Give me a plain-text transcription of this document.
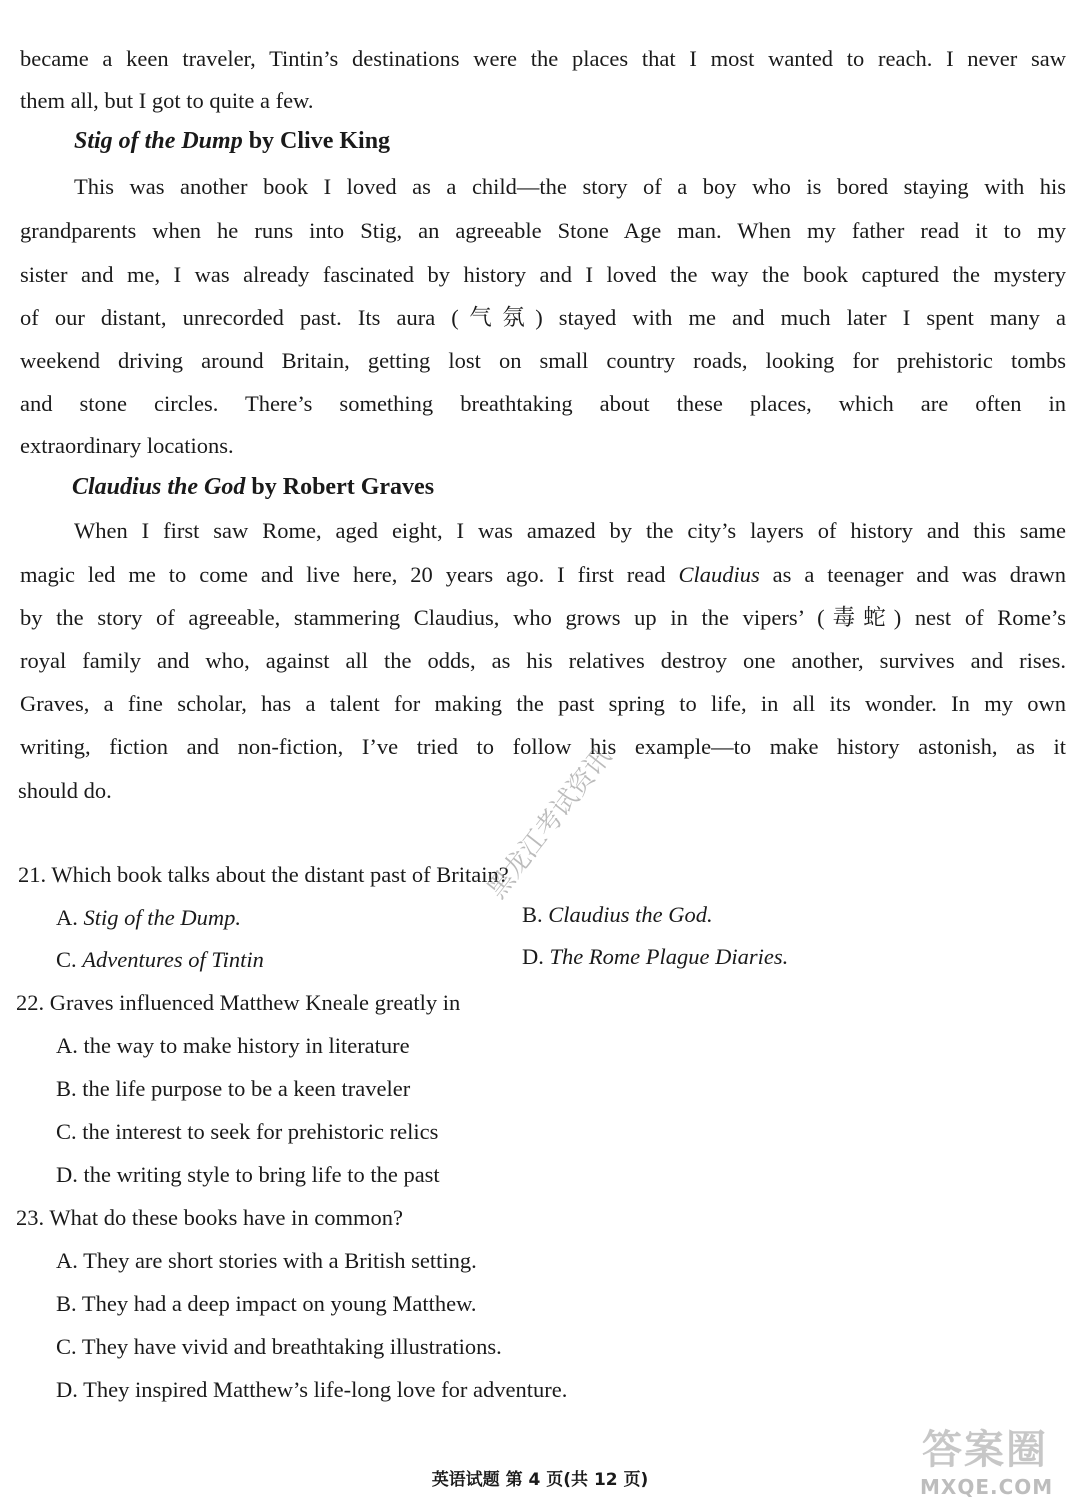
became a keen traveler, Tintin’s destinations were the places that I most wanted to reach. I never saw
them all, but I got to quite a few.
Stig of the Dump by Clive King
This was another book I loved as a child—the story of a boy who is bored staying with his
grandparents when he runs into Stig, an agreeable Stone Age man. When my father read it to my
sister and me, I was already fascinated by history and I loved the way the book captured the mystery
of our distant, unrecorded past. Its aura (气氛) stayed with me and much later I spent many a
weekend driving around Britain, getting lost on small country roads, looking for prehistoric tombs
and stone circles. There’s something breathtaking about these places, which are often in
extraordinary locations.
Claudius the God by Robert Graves
When I first saw Rome, aged eight, I was amazed by the city’s layers of history and this same
magic led me to come and live here, 20 years ago. I first read Claudius as a teenager and was drawn
by the story of agreeable, stammering Claudius, who grows up in the vipers’ (毒蛇) nest of Rome’s
royal family and who, against all the odds, as his relatives destroy one another, survives and rises.
Graves, a fine scholar, has a talent for making the past spring to life, in all its wonder. In my own
writing, fiction and non-fiction, I’ve tried to follow his example—to make history astonish, as it
should do.
21. Which book talks about the distant past of Britain?
A. Stig of the Dump.	B. Claudius the God.
C. Adventures of Tintin	D. The Rome Plague Diaries.
22. Graves influenced Matthew Kneale greatly in
A. the way to make history in literature
B. the life purpose to be a keen traveler
C. the interest to seek for prehistoric relics
D. the writing style to bring life to the past
23. What do these books have in common?
A. They are short stories with a British setting.
B. They had a deep impact on young Matthew.
C. They have vivid and breathtaking illustrations.
D. They inspired Matthew’s life-long love for adventure.
黑龙江考试资讯
英语试题 第 4 页(共 12 页)
答案圈
MXQE.COM
